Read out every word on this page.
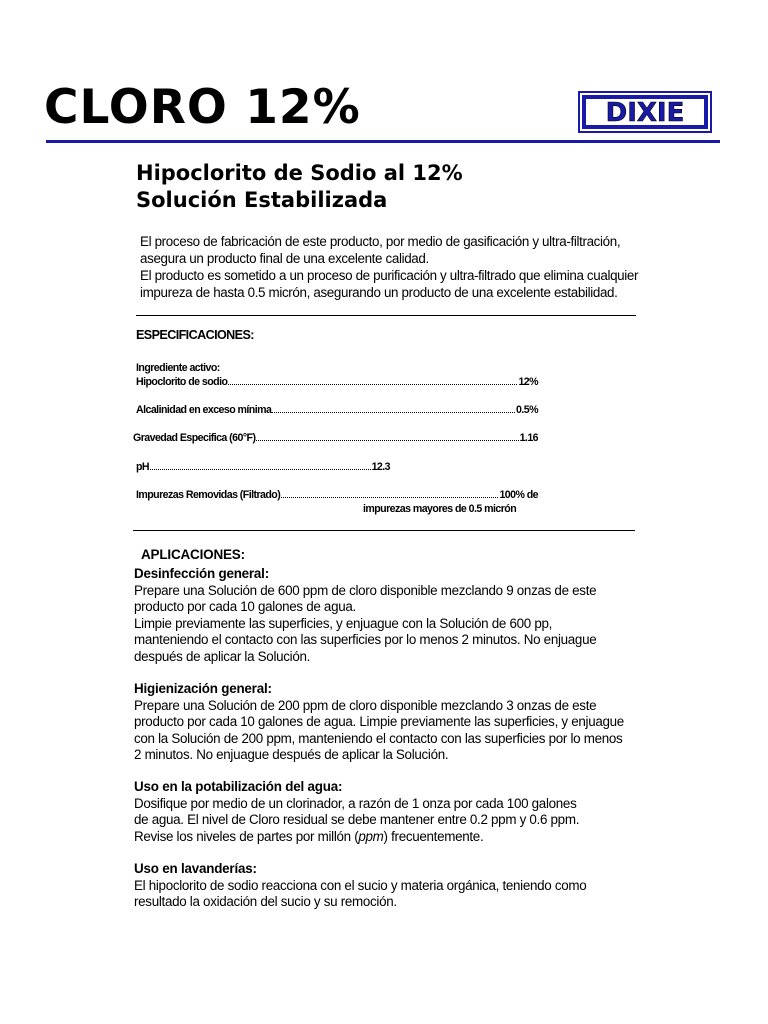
CLORO 12%	DIXIE
Hipoclorito de Sodio al 12%
Solución Estabilizada
El proceso de fabricación de este producto, por medio de gasificación y ultra-filtración,
asegura un producto final de una excelente calidad.
El producto es sometido a un proceso de purificación y ultra-filtrado que elimina cualquier
impureza de hasta 0.5 micrón, asegurando un producto de una excelente estabilidad.
ESPECIFICACIONES:
Ingrediente activo:
Hipoclorito de sodio	12%
Alcalinidad en exceso mínima	0.5%
Gravedad Especifica (60°F)	1.16
pH	12.3
Impurezas Removidas (Filtrado)	100% de
impurezas mayores de 0.5 micrón
APLICACIONES:
Desinfección general:

Prepare una Solución de 600 ppm de cloro disponible mezclando 9 onzas de este

producto por cada 10 galones de agua.

Limpie previamente las superficies, y enjuague con la Solución de 600 pp,

manteniendo el contacto con las superficies por lo menos 2 minutos. No enjuague

después de aplicar la Solución.

Higienización general:

Prepare una Solución de 200 ppm de cloro disponible mezclando 3 onzas de este

producto por cada 10 galones de agua. Limpie previamente las superficies, y enjuague

con la Solución de 200 ppm, manteniendo el contacto con las superficies por lo menos

2 minutos. No enjuague después de aplicar la Solución.

Uso en la potabilización del agua:

Dosifique por medio de un clorinador, a razón de 1 onza por cada 100 galones

de agua. El nivel de Cloro residual se debe mantener entre 0.2 ppm y 0.6 ppm.

Revise los niveles de partes por millón (ppm) frecuentemente.

Uso en lavanderías:

El hipoclorito de sodio reacciona con el sucio y materia orgánica, teniendo como

resultado la oxidación del sucio y su remoción.
